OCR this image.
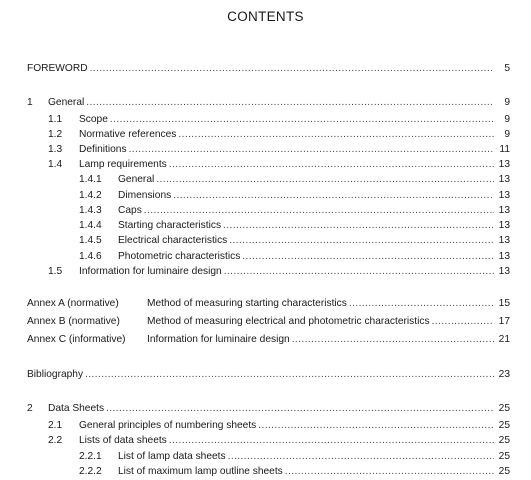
CONTENTS
FOREWORD .....	5
1	General .....	9
1.1	Scope .....	9
1.2	Normative references .....	9
1.3	Definitions .....	11
1.4	Lamp requirements .....	13
1.4.1	General .....	13
1.4.2	Dimensions .....	13
1.4.3	Caps .....	13
1.4.4	Starting characteristics .....	13
1.4.5	Electrical characteristics .....	13
1.4.6	Photometric characteristics .....	13
1.5	Information for luminaire design .....	13
Annex A (normative)	Method of measuring starting characteristics .....	15
Annex B (normative)	Method of measuring electrical and photometric characteristics .....	17
Annex C (informative)	Information for luminaire design .....	21
Bibliography .....	23
2	Data Sheets .....	25
2.1	General principles of numbering sheets .....	25
2.2	Lists of data sheets .....	25
2.2.1	List of lamp data sheets .....	25
2.2.2	List of maximum lamp outline sheets .....	25
